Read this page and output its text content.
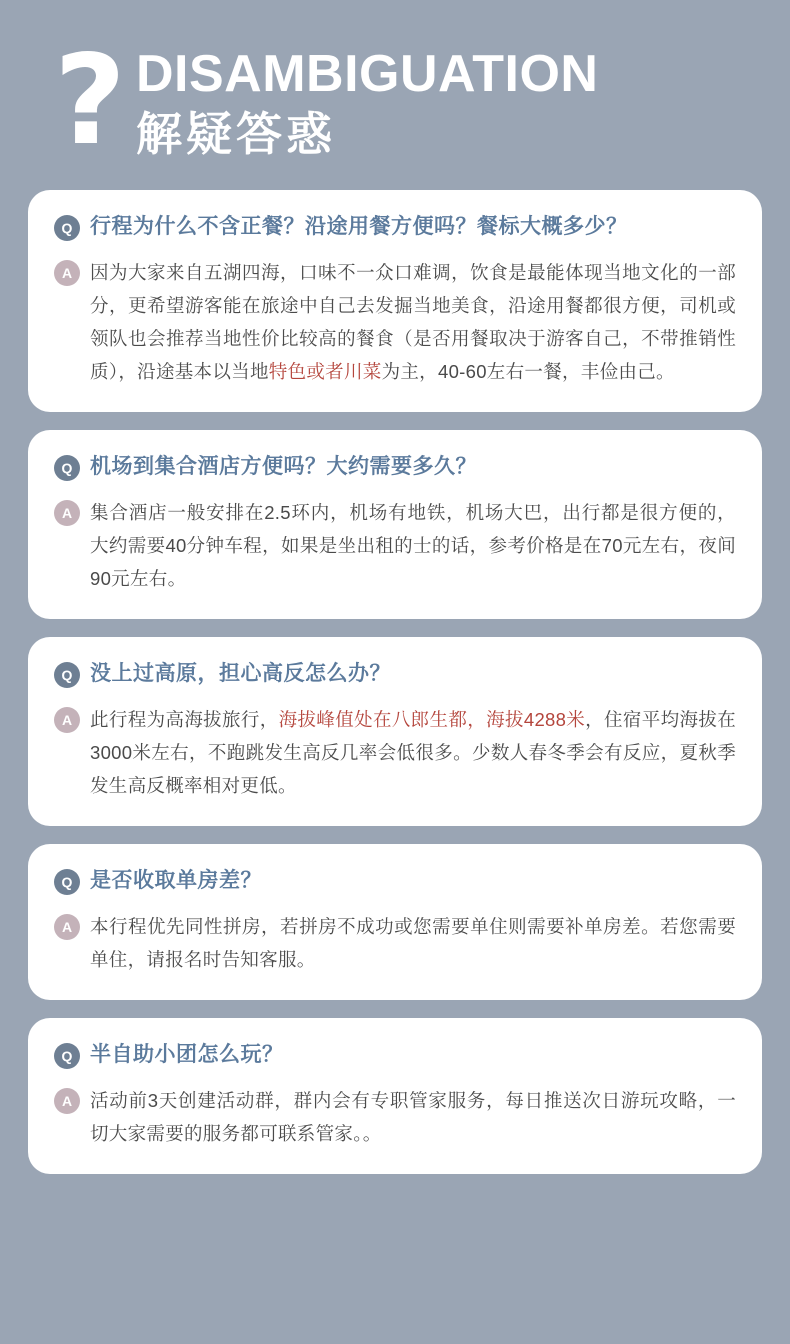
? DISAMBIGUATION
解疑答惑
Q 行程为什么不含正餐？沿途用餐方便吗？餐标大概多少？
A 因为大家来自五湖四海，口味不一众口难调，饮食是最能体现当地文化的一部分，更希望游客能在旅途中自己去发掘当地美食，沿途用餐都很方便，司机或领队也会推荐当地性价比较高的餐食（是否用餐取决于游客自己，不带推销性质），沿途基本以当地特色或者川菜为主，40-60左右一餐，丰俭由己。
Q 机场到集合酒店方便吗？大约需要多久？
A 集合酒店一般安排在2.5环内，机场有地铁，机场大巴，出行都是很方便的，大约需要40分钟车程，如果是坐出租的士的话，参考价格是在70元左右，夜间90元左右。
Q 没上过高原，担心高反怎么办？
A 此行程为高海拔旅行，海拔峰值处在八郎生都，海拔4288米，住宿平均海拔在3000米左右，不跑跳发生高反几率会低很多。少数人春冬季会有反应，夏秋季发生高反概率相对更低。
Q 是否收取单房差？
A 本行程优先同性拼房，若拼房不成功或您需要单住则需要补单房差。若您需要单住，请报名时告知客服。
Q 半自助小团怎么玩？
A 活动前3天创建活动群，群内会有专职管家服务，每日推送次日游玩攻略，一切大家需要的服务都可联系管家。。
